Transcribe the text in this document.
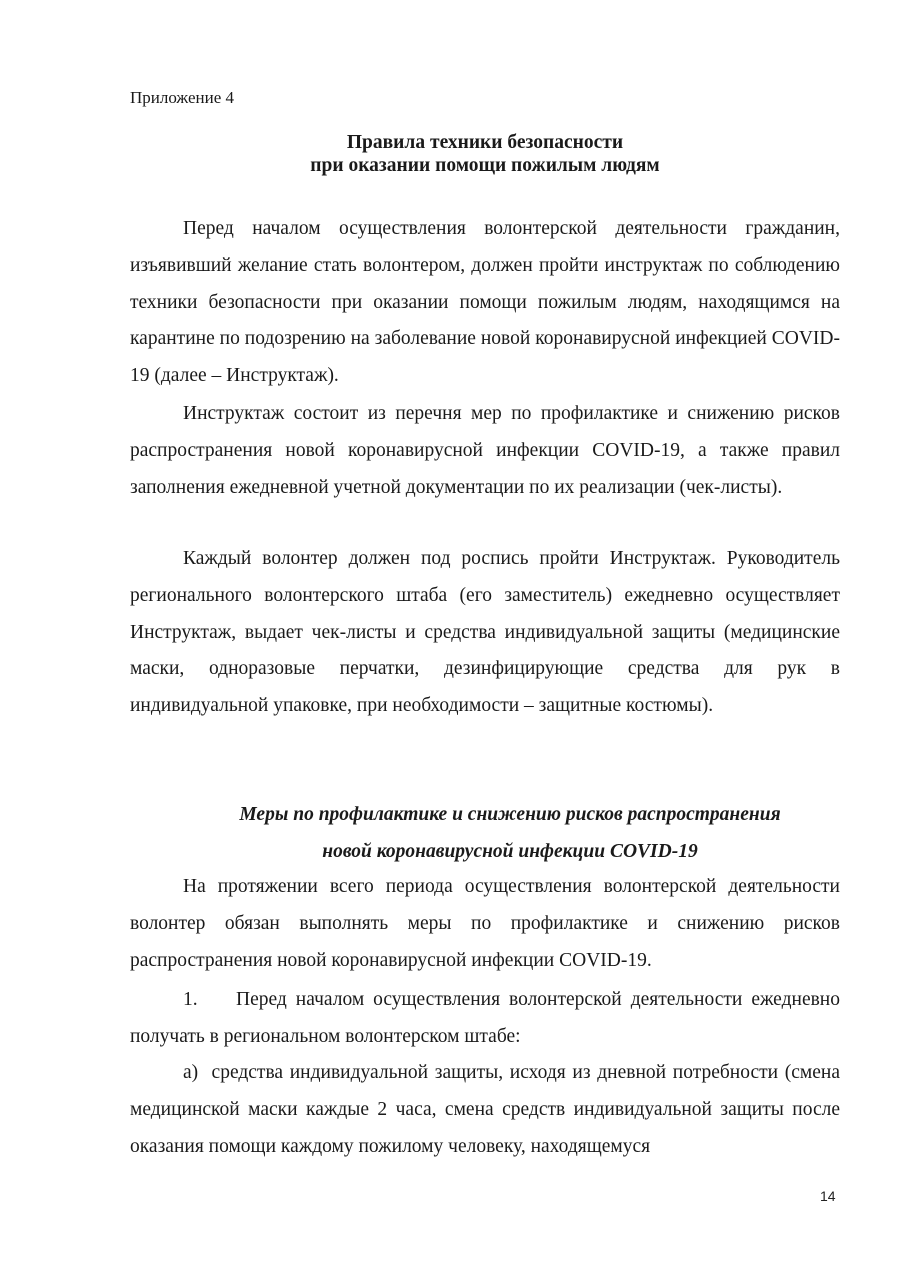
Приложение 4
Правила техники безопасности
при оказании помощи пожилым людям

Перед началом осуществления волонтерской деятельности гражданин, изъявивший желание стать волонтером, должен пройти инструктаж по соблюдению техники безопасности при оказании помощи пожилым людям, находящимся на карантине по подозрению на заболевание новой коронавирусной инфекцией COVID-19 (далее – Инструктаж).

Инструктаж состоит из перечня мер по профилактике и снижению рисков распространения новой коронавирусной инфекции COVID-19, а также правил заполнения ежедневной учетной документации по их реализации (чек-листы).

Каждый волонтер должен под роспись пройти Инструктаж. Руководитель регионального волонтерского штаба (его заместитель) ежедневно осуществляет Инструктаж, выдает чек-листы и средства индивидуальной защиты (медицинские маски, одноразовые перчатки, дезинфицирующие средства для рук в индивидуальной упаковке, при необходимости – защитные костюмы).

Меры по профилактике и снижению рисков распространения
новой коронавирусной инфекции COVID-19

На протяжении всего периода осуществления волонтерской деятельности волонтер обязан выполнять меры по профилактике и снижению рисков распространения новой коронавирусной инфекции COVID-19.

1. Перед началом осуществления волонтерской деятельности ежедневно получать в региональном волонтерском штабе:

а) средства индивидуальной защиты, исходя из дневной потребности (смена медицинской маски каждые 2 часа, смена средств индивидуальной защиты после оказания помощи каждому пожилому человеку, находящемуся

14
